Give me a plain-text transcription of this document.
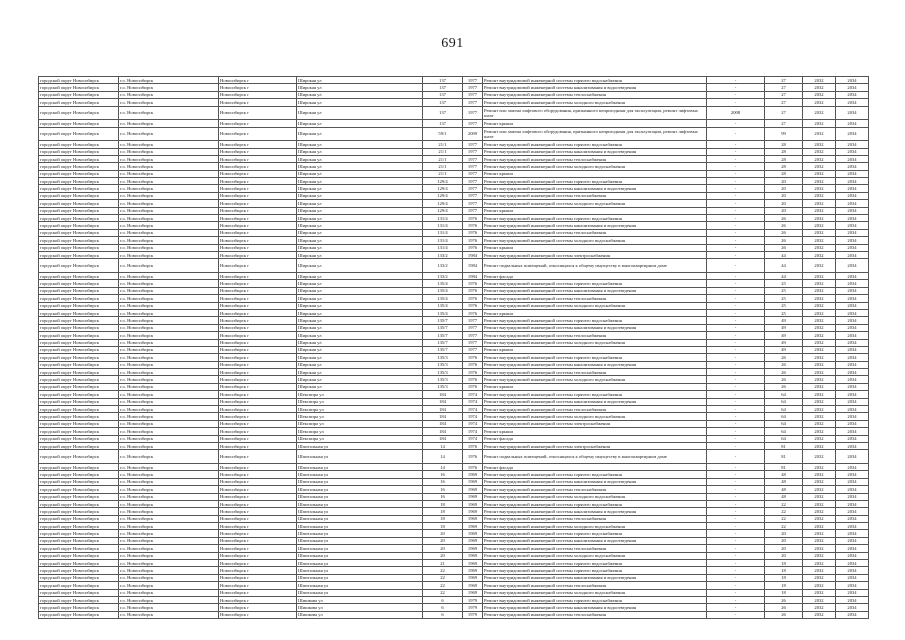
691
городской округ Новосибирск	г.о. Новосибирск	Новосибирск г	Широкая ул	137	1977	Ремонт внутридомовой инженерной системы горячего водоснабжения	-	27	2032	2034
городской округ Новосибирск	г.о. Новосибирск	Новосибирск г	Широкая ул	137	1977	Ремонт внутридомовой инженерной системы канализования и водоотведения	-	27	2032	2034
городской округ Новосибирск	г.о. Новосибирск	Новосибирск г	Широкая ул	137	1977	Ремонт внутридомовой инженерной системы теплоснабжения	-	27	2032	2034
городской округ Новосибирск	г.о. Новосибирск	Новосибирск г	Широкая ул	137	1977	Ремонт внутридомовой инженерной системы холодного водоснабжения	-	27	2032	2034
городской округ Новосибирск	г.о. Новосибирск	Новосибирск г	Широкая ул	137	1977	Ремонт или замена лифтового оборудования, признанного непригодным для эксплуатации, ремонт лифтовых шахт	2008	27	2032	2034
городской округ Новосибирск	г.о. Новосибирск	Новосибирск г	Широкая ул	137	1977	Ремонт крыши	-	27	2032	2034
городской округ Новосибирск	г.о. Новосибирск	Новосибирск г	Широкая ул	59/1	2009	Ремонт или замена лифтового оборудования, признанного непригодным для эксплуатации, ремонт лифтовых шахт	-	99	2032	2034
городской округ Новосибирск	г.о. Новосибирск	Новосибирск г	Широкая ул	21/1	1977	Ремонт внутридомовой инженерной системы горячего водоснабжения	-	28	2032	2034
городской округ Новосибирск	г.о. Новосибирск	Новосибирск г	Широкая ул	21/1	1977	Ремонт внутридомовой инженерной системы канализования и водоотведения	-	28	2032	2034
городской округ Новосибирск	г.о. Новосибирск	Новосибирск г	Широкая ул	21/1	1977	Ремонт внутридомовой инженерной системы теплоснабжения	-	28	2032	2034
городской округ Новосибирск	г.о. Новосибирск	Новосибирск г	Широкая ул	21/1	1977	Ремонт внутридомовой инженерной системы холодного водоснабжения	-	28	2032	2034
городской округ Новосибирск	г.о. Новосибирск	Новосибирск г	Широкая ул	21/1	1977	Ремонт крыши	-	28	2032	2034
городской округ Новосибирск	г.о. Новосибирск	Новосибирск г	Широкая ул	129/4	1977	Ремонт внутридомовой инженерной системы горячего водоснабжения	-	20	2032	2034
городской округ Новосибирск	г.о. Новосибирск	Новосибирск г	Широкая ул	129/4	1977	Ремонт внутридомовой инженерной системы канализования и водоотведения	-	20	2032	2034
городской округ Новосибирск	г.о. Новосибирск	Новосибирск г	Широкая ул	129/4	1977	Ремонт внутридомовой инженерной системы теплоснабжения	-	20	2032	2034
городской округ Новосибирск	г.о. Новосибирск	Новосибирск г	Широкая ул	129/4	1977	Ремонт внутридомовой инженерной системы холодного водоснабжения	-	20	2032	2034
городской округ Новосибирск	г.о. Новосибирск	Новосибирск г	Широкая ул	129/4	1977	Ремонт крыши	-	20	2032	2034
городской округ Новосибирск	г.о. Новосибирск	Новосибирск г	Широкая ул	131/4	1976	Ремонт внутридомовой инженерной системы горячего водоснабжения	-	26	2032	2034
городской округ Новосибирск	г.о. Новосибирск	Новосибирск г	Широкая ул	131/4	1976	Ремонт внутридомовой инженерной системы канализования и водоотведения	-	26	2032	2034
городской округ Новосибирск	г.о. Новосибирск	Новосибирск г	Широкая ул	131/4	1976	Ремонт внутридомовой инженерной системы теплоснабжения	-	26	2032	2034
городской округ Новосибирск	г.о. Новосибирск	Новосибирск г	Широкая ул	131/4	1976	Ремонт внутридомовой инженерной системы холодного водоснабжения	-	26	2032	2034
городской округ Новосибирск	г.о. Новосибирск	Новосибирск г	Широкая ул	131/4	1976	Ремонт крыши	-	26	2032	2034
городской округ Новосибирск	г.о. Новосибирск	Новосибирск г	Широкая ул	133/2	1984	Ремонт внутридомовой инженерной системы электроснабжения	-	44	2032	2034
городской округ Новосибирск	г.о. Новосибирск	Новосибирск г	Широкая ул	133/2	1984	Ремонт подвальных помещений, относящихся к общему имуществу в многоквартирном доме	-	44	2032	2034
городской округ Новосибирск	г.о. Новосибирск	Новосибирск г	Широкая ул	133/2	1984	Ремонт фасада	-	44	2032	2034
городской округ Новосибирск	г.о. Новосибирск	Новосибирск г	Широкая ул	135/4	1976	Ремонт внутридомовой инженерной системы горячего водоснабжения	-	25	2032	2034
городской округ Новосибирск	г.о. Новосибирск	Новосибирск г	Широкая ул	135/4	1976	Ремонт внутридомовой инженерной системы канализования и водоотведения	-	25	2032	2034
городской округ Новосибирск	г.о. Новосибирск	Новосибирск г	Широкая ул	135/4	1976	Ремонт внутридомовой инженерной системы теплоснабжения	-	25	2032	2034
городской округ Новосибирск	г.о. Новосибирск	Новосибирск г	Широкая ул	135/4	1976	Ремонт внутридомовой инженерной системы холодного водоснабжения	-	25	2032	2034
городской округ Новосибирск	г.о. Новосибирск	Новосибирск г	Широкая ул	135/4	1976	Ремонт крыши	-	25	2032	2034
городской округ Новосибирск	г.о. Новосибирск	Новосибирск г	Широкая ул	135/7	1977	Ремонт внутридомовой инженерной системы горячего водоснабжения	-	49	2032	2034
городской округ Новосибирск	г.о. Новосибирск	Новосибирск г	Широкая ул	135/7	1977	Ремонт внутридомовой инженерной системы канализования и водоотведения	-	49	2032	2034
городской округ Новосибирск	г.о. Новосибирск	Новосибирск г	Широкая ул	135/7	1977	Ремонт внутридомовой инженерной системы теплоснабжения	-	49	2032	2034
городской округ Новосибирск	г.о. Новосибирск	Новосибирск г	Широкая ул	135/7	1977	Ремонт внутридомовой инженерной системы холодного водоснабжения	-	49	2032	2034
городской округ Новосибирск	г.о. Новосибирск	Новосибирск г	Широкая ул	135/7	1977	Ремонт крыши	-	49	2032	2034
городской округ Новосибирск	г.о. Новосибирск	Новосибирск г	Широкая ул	135/3	1976	Ремонт внутридомовой инженерной системы горячего водоснабжения	-	26	2032	2034
городской округ Новосибирск	г.о. Новосибирск	Новосибирск г	Широкая ул	135/3	1976	Ремонт внутридомовой инженерной системы канализования и водоотведения	-	26	2032	2034
городской округ Новосибирск	г.о. Новосибирск	Новосибирск г	Широкая ул	135/3	1976	Ремонт внутридомовой инженерной системы теплоснабжения	-	26	2032	2034
городской округ Новосибирск	г.о. Новосибирск	Новосибирск г	Широкая ул	135/3	1976	Ремонт внутридомовой инженерной системы холодного водоснабжения	-	26	2032	2034
городской округ Новосибирск	г.о. Новосибирск	Новосибирск г	Широкая ул	135/3	1976	Ремонт крыши	-	26	2032	2034
городской округ Новосибирск	г.о. Новосибирск	Новосибирск г	Шекспира ул	184	1974	Ремонт внутридомовой инженерной системы горячего водоснабжения	-	64	2032	2034
городской округ Новосибирск	г.о. Новосибирск	Новосибирск г	Шекспира ул	184	1974	Ремонт внутридомовой инженерной системы канализования и водоотведения	-	64	2032	2034
городской округ Новосибирск	г.о. Новосибирск	Новосибирск г	Шекспира ул	184	1974	Ремонт внутридомовой инженерной системы теплоснабжения	-	64	2032	2034
городской округ Новосибирск	г.о. Новосибирск	Новосибирск г	Шекспира ул	184	1974	Ремонт внутридомовой инженерной системы холодного водоснабжения	-	64	2032	2034
городской округ Новосибирск	г.о. Новосибирск	Новосибирск г	Шекспира ул	184	1974	Ремонт внутридомовой инженерной системы электроснабжения	-	64	2032	2034
городской округ Новосибирск	г.о. Новосибирск	Новосибирск г	Шекспира ул	184	1974	Ремонт крыши	-	64	2032	2034
городской округ Новосибирск	г.о. Новосибирск	Новосибирск г	Шекспира ул	184	1974	Ремонт фасада	-	64	2032	2034
городской округ Новосибирск	г.о. Новосибирск	Новосибирск г	Шпитальная ул	14	1976	Ремонт внутридомовой инженерной системы электроснабжения	-	81	2032	2034
городской округ Новосибирск	г.о. Новосибирск	Новосибирск г	Шпитальная ул	14	1976	Ремонт подвальных помещений, относящихся к общему имуществу в многоквартирном доме	-	81	2032	2034
городской округ Новосибирск	г.о. Новосибирск	Новосибирск г	Шпитальная ул	14	1976	Ремонт фасада	-	81	2032	2034
городской округ Новосибирск	г.о. Новосибирск	Новосибирск г	Шпитальная ул	16	1969	Ремонт внутридомовой инженерной системы горячего водоснабжения	-	48	2032	2034
городской округ Новосибирск	г.о. Новосибирск	Новосибирск г	Шпитальная ул	16	1969	Ремонт внутридомовой инженерной системы канализования и водоотведения	-	48	2032	2034
городской округ Новосибирск	г.о. Новосибирск	Новосибирск г	Шпитальная ул	16	1969	Ремонт внутридомовой инженерной системы теплоснабжения	-	48	2032	2034
городской округ Новосибирск	г.о. Новосибирск	Новосибирск г	Шпитальная ул	16	1969	Ремонт внутридомовой инженерной системы холодного водоснабжения	-	48	2032	2034
городской округ Новосибирск	г.о. Новосибирск	Новосибирск г	Шпитальная ул	18	1969	Ремонт внутридомовой инженерной системы горячего водоснабжения	-	22	2032	2034
городской округ Новосибирск	г.о. Новосибирск	Новосибирск г	Шпитальная ул	18	1969	Ремонт внутридомовой инженерной системы канализования и водоотведения	-	22	2032	2034
городской округ Новосибирск	г.о. Новосибирск	Новосибирск г	Шпитальная ул	18	1969	Ремонт внутридомовой инженерной системы теплоснабжения	-	22	2032	2034
городской округ Новосибирск	г.о. Новосибирск	Новосибирск г	Шпитальная ул	18	1969	Ремонт внутридомовой инженерной системы холодного водоснабжения	-	22	2032	2034
городской округ Новосибирск	г.о. Новосибирск	Новосибирск г	Шпитальная ул	20	1969	Ремонт внутридомовой инженерной системы горячего водоснабжения	-	20	2032	2034
городской округ Новосибирск	г.о. Новосибирск	Новосибирск г	Шпитальная ул	20	1969	Ремонт внутридомовой инженерной системы канализования и водоотведения	-	20	2032	2034
городской округ Новосибирск	г.о. Новосибирск	Новосибирск г	Шпитальная ул	20	1969	Ремонт внутридомовой инженерной системы теплоснабжения	-	20	2032	2034
городской округ Новосибирск	г.о. Новосибирск	Новосибирск г	Шпитальная ул	20	1969	Ремонт внутридомовой инженерной системы холодного водоснабжения	-	20	2032	2034
городской округ Новосибирск	г.о. Новосибирск	Новосибирск г	Шпитальная ул	21	1969	Ремонт внутридомовой инженерной системы горячего водоснабжения	-	18	2032	2034
городской округ Новосибирск	г.о. Новосибирск	Новосибирск г	Шпитальная ул	22	1969	Ремонт внутридомовой инженерной системы горячего водоснабжения	-	18	2032	2034
городской округ Новосибирск	г.о. Новосибирск	Новосибирск г	Шпитальная ул	22	1969	Ремонт внутридомовой инженерной системы канализования и водоотведения	-	18	2032	2034
городской округ Новосибирск	г.о. Новосибирск	Новосибирск г	Шпитальная ул	22	1969	Ремонт внутридомовой инженерной системы теплоснабжения	-	18	2032	2034
городской округ Новосибирск	г.о. Новосибирск	Новосибирск г	Шпитальная ул	22	1969	Ремонт внутридомовой инженерной системы холодного водоснабжения	-	18	2032	2034
городской округ Новосибирск	г.о. Новосибирск	Новосибирск г	Шишкова ул	6	1979	Ремонт внутридомовой инженерной системы горячего водоснабжения	-	26	2032	2034
городской округ Новосибирск	г.о. Новосибирск	Новосибирск г	Шишкова ул	6	1979	Ремонт внутридомовой инженерной системы канализования и водоотведения	-	26	2032	2034
городской округ Новосибирск	г.о. Новосибирск	Новосибирск г	Шишкова ул	6	1979	Ремонт внутридомовой инженерной системы теплоснабжения	-	26	2032	2034
